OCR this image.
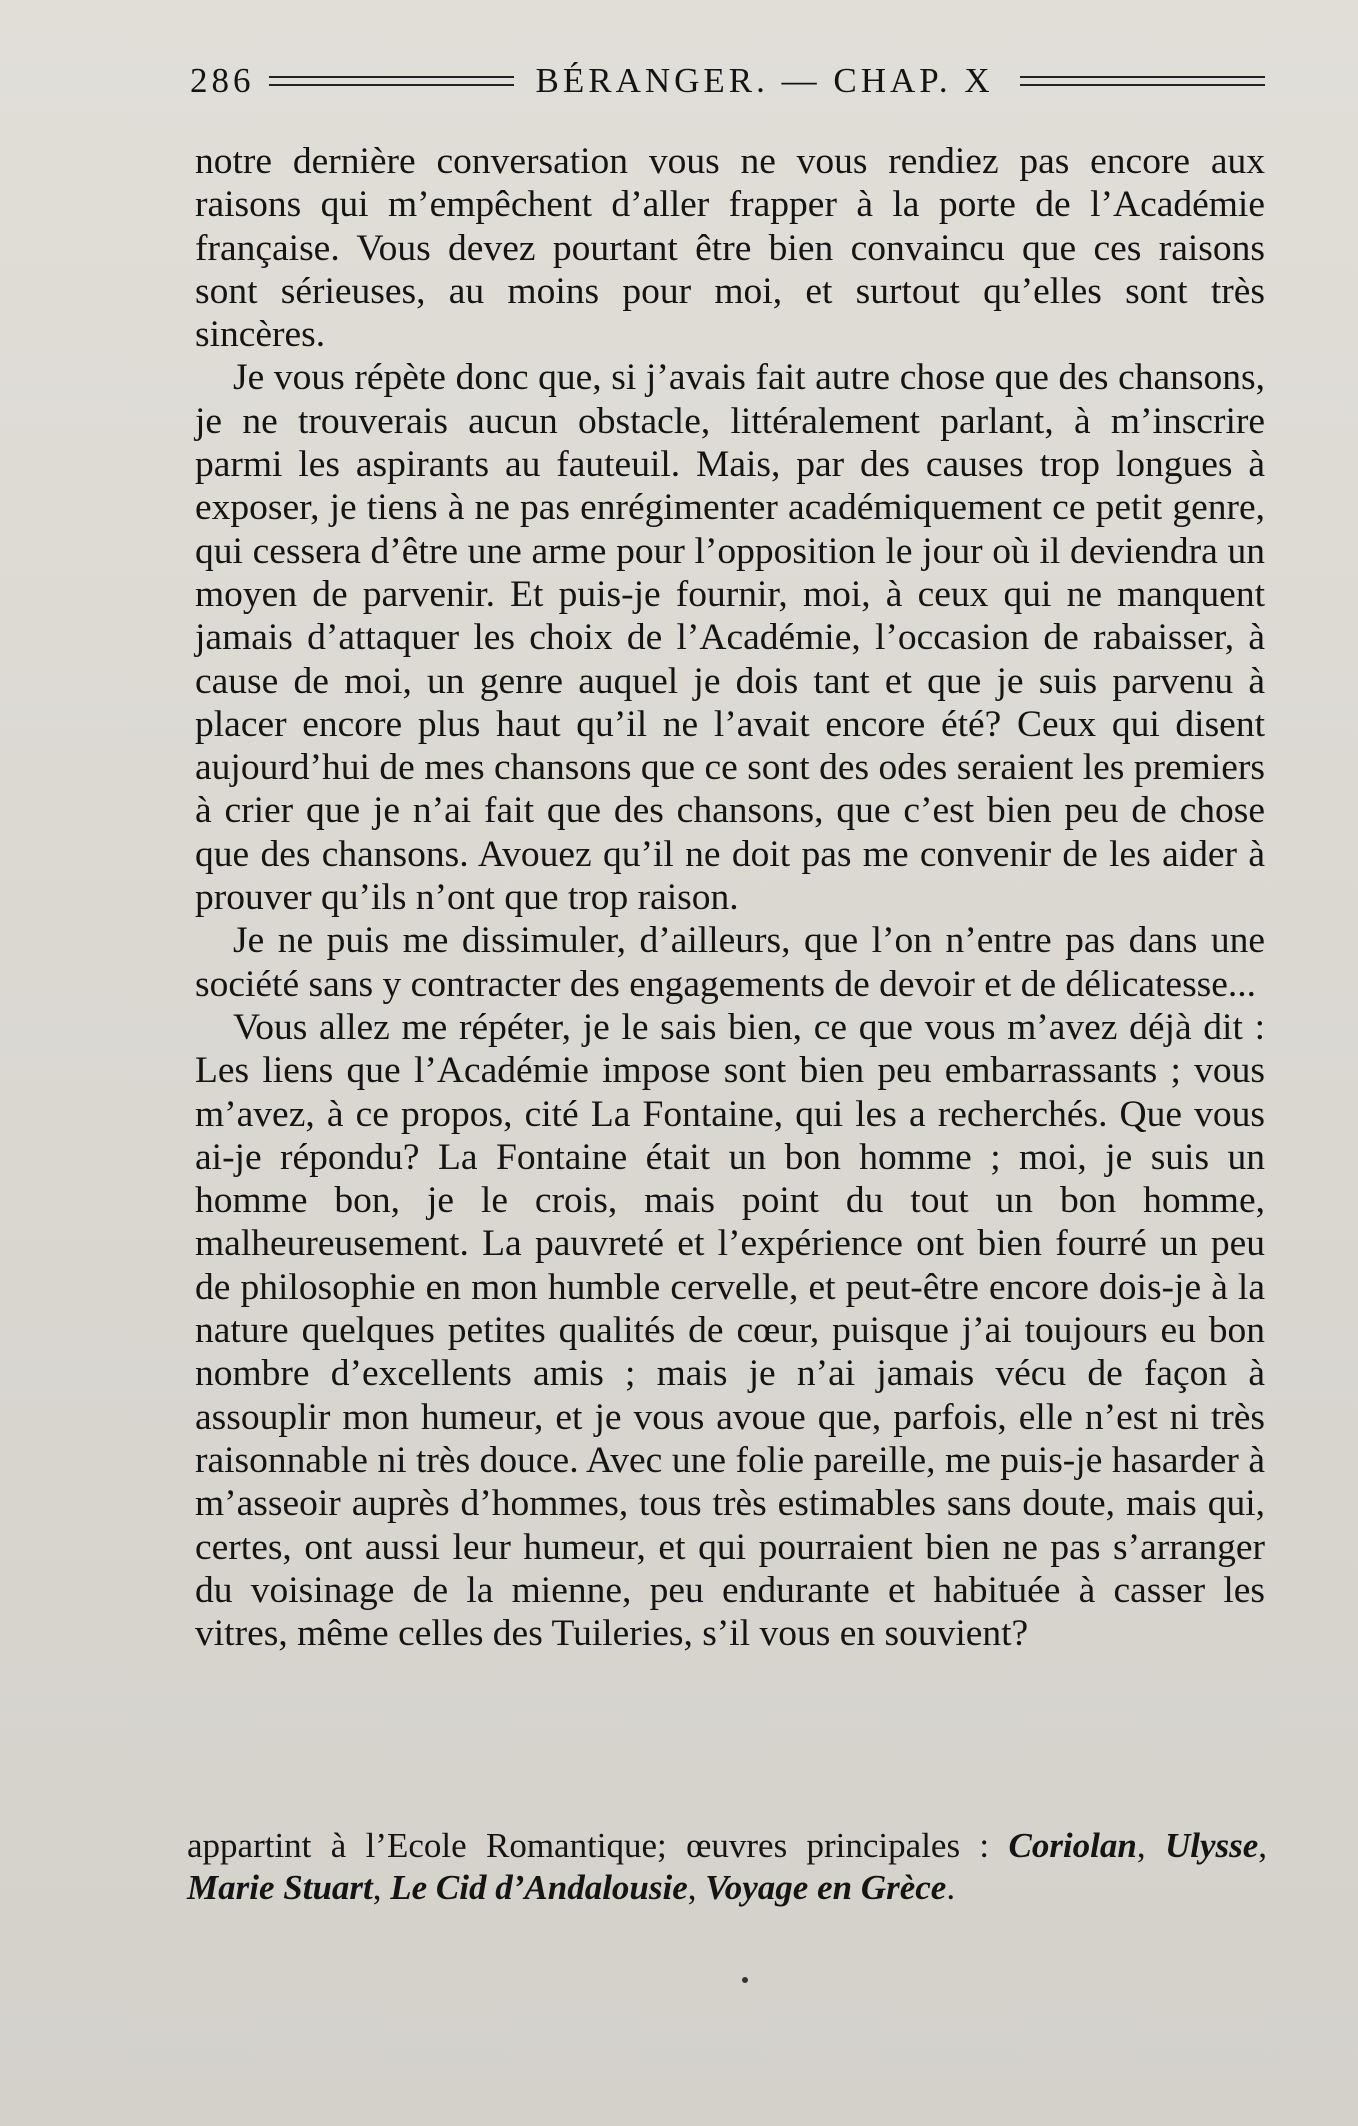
286	BÉRANGER. — CHAP. X

notre dernière conversation vous ne vous rendiez pas encore aux raisons qui m’empêchent d’aller frapper à la porte de l’Académie française. Vous devez pourtant être bien convaincu que ces raisons sont sérieuses, au moins pour moi, et surtout qu’elles sont très sincères.

Je vous répète donc que, si j’avais fait autre chose que des chansons, je ne trouverais aucun obstacle, littéralement parlant, à m’inscrire parmi les aspirants au fauteuil. Mais, par des causes trop longues à exposer, je tiens à ne pas enrégimenter académiquement ce petit genre, qui cessera d’être une arme pour l’opposition le jour où il deviendra un moyen de parvenir. Et puis-je fournir, moi, à ceux qui ne manquent jamais d’attaquer les choix de l’Académie, l’occasion de rabaisser, à cause de moi, un genre auquel je dois tant et que je suis parvenu à placer encore plus haut qu’il ne l’avait encore été? Ceux qui disent aujourd’hui de mes chansons que ce sont des odes seraient les premiers à crier que je n’ai fait que des chansons, que c’est bien peu de chose que des chansons. Avouez qu’il ne doit pas me convenir de les aider à prouver qu’ils n’ont que trop raison.

Je ne puis me dissimuler, d’ailleurs, que l’on n’entre pas dans une société sans y contracter des engagements de devoir et de délicatesse...

Vous allez me répéter, je le sais bien, ce que vous m’avez déjà dit : Les liens que l’Académie impose sont bien peu embarrassants ; vous m’avez, à ce propos, cité La Fontaine, qui les a recherchés. Que vous ai-je répondu? La Fontaine était un bon homme ; moi, je suis un homme bon, je le crois, mais point du tout un bon homme, malheureusement. La pauvreté et l’expérience ont bien fourré un peu de philosophie en mon humble cervelle, et peut-être encore dois-je à la nature quelques petites qualités de cœur, puisque j’ai toujours eu bon nombre d’excellents amis ; mais je n’ai jamais vécu de façon à assouplir mon humeur, et je vous avoue que, parfois, elle n’est ni très raisonnable ni très douce. Avec une folie pareille, me puis-je hasarder à m’asseoir auprès d’hommes, tous très estimables sans doute, mais qui, certes, ont aussi leur humeur, et qui pourraient bien ne pas s’arranger du voisinage de la mienne, peu endurante et habituée à casser les vitres, même celles des Tuileries, s’il vous en souvient?

appartint à l’Ecole Romantique; œuvres principales : Coriolan, Ulysse, Marie Stuart, Le Cid d’Andalousie, Voyage en Grèce.
